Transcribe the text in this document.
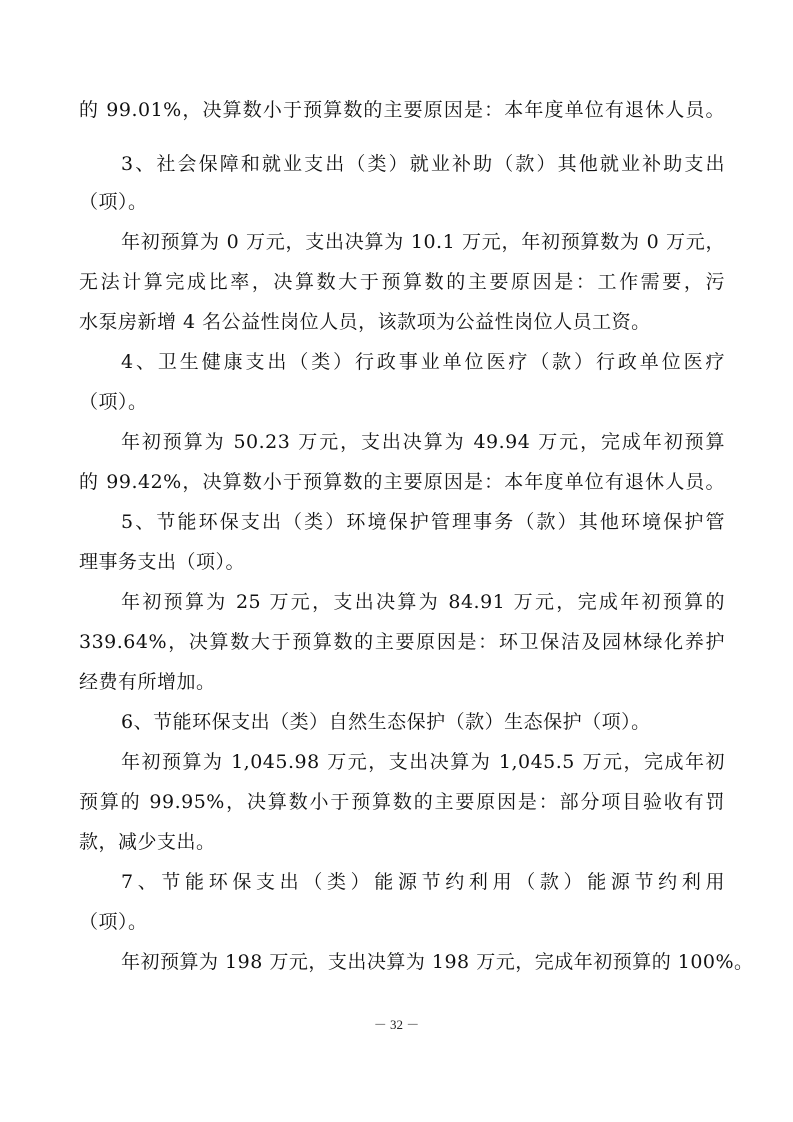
的 99.01%，决算数小于预算数的主要原因是：本年度单位有退休人员。
3、社会保障和就业支出（类）就业补助（款）其他就业补助支出
（项）。
年初预算为 0 万元，支出决算为 10.1 万元，年初预算数为 0 万元，
无法计算完成比率，决算数大于预算数的主要原因是：工作需要，污
水泵房新增 4 名公益性岗位人员，该款项为公益性岗位人员工资。
4、卫生健康支出（类）行政事业单位医疗（款）行政单位医疗
（项）。
年初预算为 50.23 万元，支出决算为 49.94 万元，完成年初预算
的 99.42%，决算数小于预算数的主要原因是：本年度单位有退休人员。
5、节能环保支出（类）环境保护管理事务（款）其他环境保护管
理事务支出（项）。
年初预算为 25 万元，支出决算为 84.91 万元，完成年初预算的
339.64%，决算数大于预算数的主要原因是：环卫保洁及园林绿化养护
经费有所增加。
6、节能环保支出（类）自然生态保护（款）生态保护（项）。
年初预算为 1,045.98 万元，支出决算为 1,045.5 万元，完成年初
预算的 99.95%，决算数小于预算数的主要原因是：部分项目验收有罚
款，减少支出。
7、节能环保支出（类）能源节约利用（款）能源节约利用
（项）。
年初预算为 198 万元，支出决算为 198 万元，完成年初预算的 100%。
－ 32 －
